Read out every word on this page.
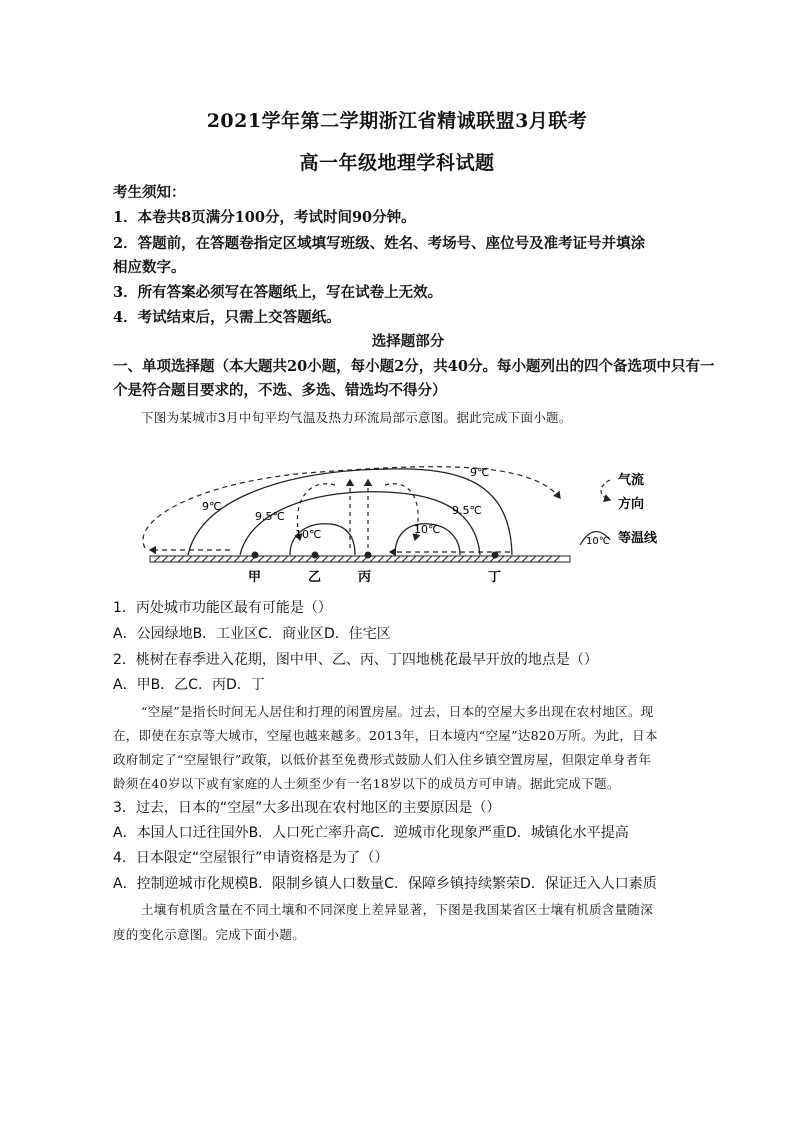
2021学年第二学期浙江省精诚联盟3月联考
高一年级地理学科试题
考生须知：
1．本卷共8页满分100分，考试时间90分钟。
2．答题前，在答题卷指定区域填写班级、姓名、考场号、座位号及准考证号并填涂
相应数字。
3．所有答案必须写在答题纸上，写在试卷上无效。
4．考试结束后，只需上交答题纸。
选择题部分
一、单项选择题（本大题共20小题，每小题2分，共40分。每小题列出的四个备选项中只有一
个是符合题目要求的，不选、多选、错选均不得分）
下图为某城市3月中旬平均气温及热力环流局部示意图。据此完成下面小题。
9℃
9.5℃
10℃	10℃
9.5℃
9℃
甲	乙	丙	丁
气流
方向
10℃ 等温线
1．丙处城市功能区最有可能是（）
A．公园绿地B．工业区C．商业区D．住宅区
2．桃树在春季进入花期，图中甲、乙、丙、丁四地桃花最早开放的地点是（）
A．甲B．乙C．丙D．丁
“空屋”是指长时间无人居住和打理的闲置房屋。过去，日本的空屋大多出现在农村地区。现
在，即使在东京等大城市，空屋也越来越多。2013年，日本境内“空屋”达820万所。为此，日本
政府制定了“空屋银行”政策，以低价甚至免费形式鼓励人们入住乡镇空置房屋，但限定单身者年
龄须在40岁以下或有家庭的人士须至少有一名18岁以下的成员方可申请。据此完成下题。
3．过去，日本的“空屋”大多出现在农村地区的主要原因是（）
A．本国人口迁往国外B．人口死亡率升高C．逆城市化现象严重D．城镇化水平提高
4．日本限定“空屋银行”申请资格是为了（）
A．控制逆城市化规模B．限制乡镇人口数量C．保障乡镇持续繁荣D．保证迁入人口素质
土壤有机质含量在不同土壤和不同深度上差异显著，下图是我国某省区士壤有机质含量随深
度的变化示意图。完成下面小题。
